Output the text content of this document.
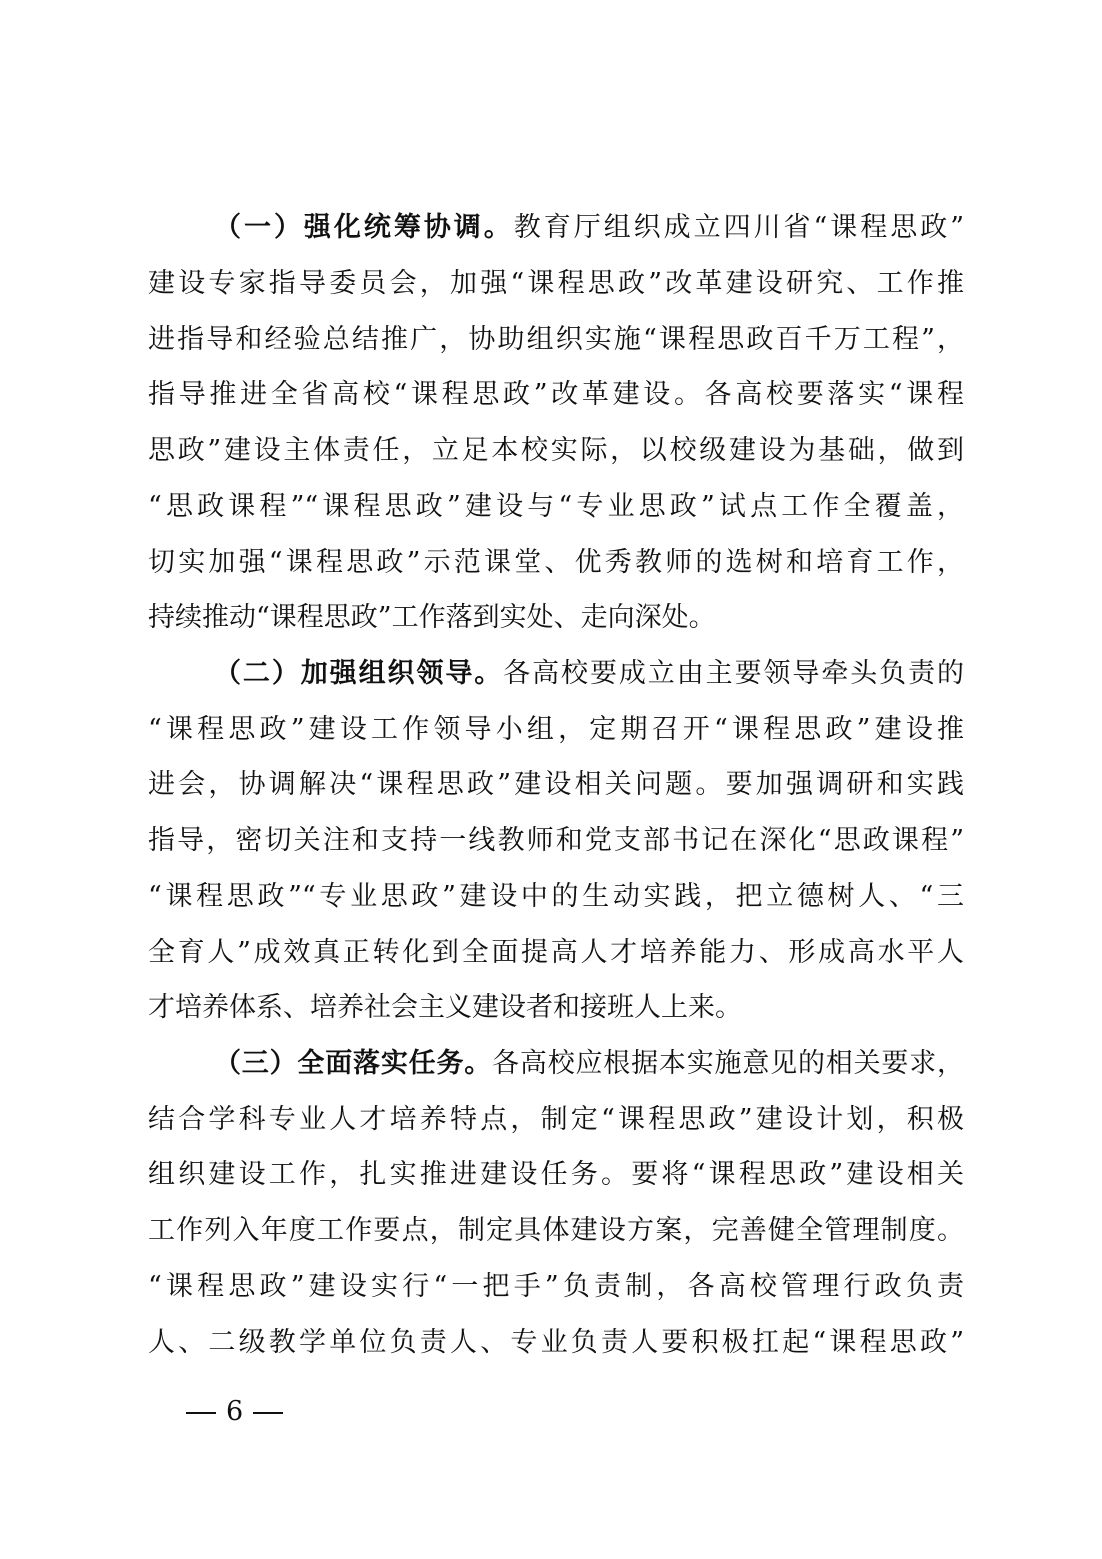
（一）强化统筹协调。教育厅组织成立四川省“课程思政”
建设专家指导委员会，加强“课程思政”改革建设研究、工作推
进指导和经验总结推广，协助组织实施“课程思政百千万工程”，
指导推进全省高校“课程思政”改革建设。各高校要落实“课程
思政”建设主体责任，立足本校实际，以校级建设为基础，做到
“思政课程”“课程思政”建设与“专业思政”试点工作全覆盖，
切实加强“课程思政”示范课堂、优秀教师的选树和培育工作，
持续推动“课程思政”工作落到实处、走向深处。
（二）加强组织领导。各高校要成立由主要领导牵头负责的
“课程思政”建设工作领导小组，定期召开“课程思政”建设推
进会，协调解决“课程思政”建设相关问题。要加强调研和实践
指导，密切关注和支持一线教师和党支部书记在深化“思政课程”
“课程思政”“专业思政”建设中的生动实践，把立德树人、“三
全育人”成效真正转化到全面提高人才培养能力、形成高水平人
才培养体系、培养社会主义建设者和接班人上来。
（三）全面落实任务。各高校应根据本实施意见的相关要求，
结合学科专业人才培养特点，制定“课程思政”建设计划，积极
组织建设工作，扎实推进建设任务。要将“课程思政”建设相关
工作列入年度工作要点，制定具体建设方案，完善健全管理制度。
“课程思政”建设实行“一把手”负责制，各高校管理行政负责
人、二级教学单位负责人、专业负责人要积极扛起“课程思政”
6
